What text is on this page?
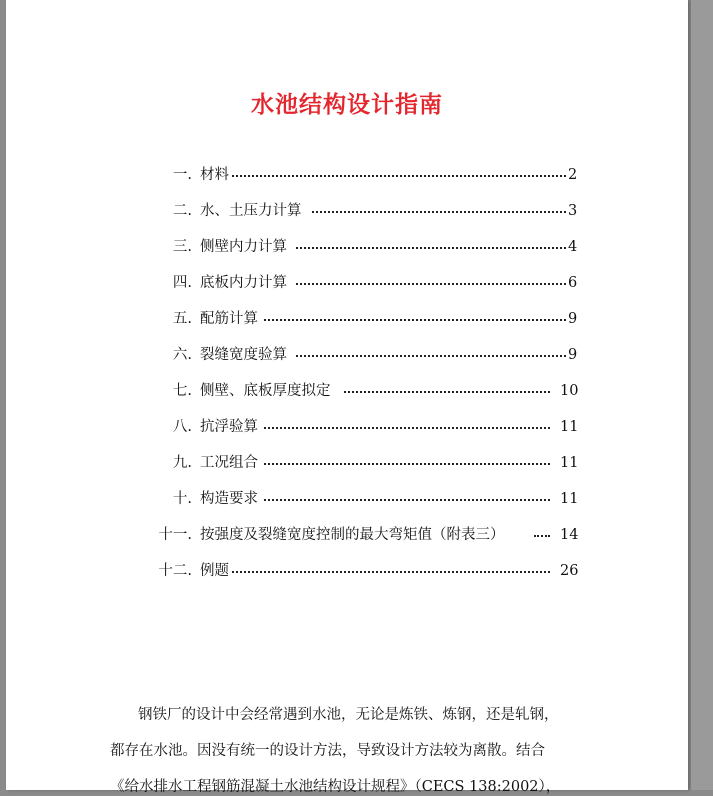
水池结构设计指南
一. 材料	2
二. 水、土压力计算	3
三. 侧壁内力计算	4
四. 底板内力计算	6
五. 配筋计算	9
六. 裂缝宽度验算	9
七. 侧壁、底板厚度拟定	10
八. 抗浮验算	11
九. 工况组合	11
十. 构造要求	11
十一. 按强度及裂缝宽度控制的最大弯矩值（附表三）	14
十二. 例题	26
钢铁厂的设计中会经常遇到水池，无论是炼铁、炼钢，还是轧钢，
都存在水池。因没有统一的设计方法，导致设计方法较为离散。结合
《给水排水工程钢筋混凝土水池结构设计规程》（CECS 138:2002），
